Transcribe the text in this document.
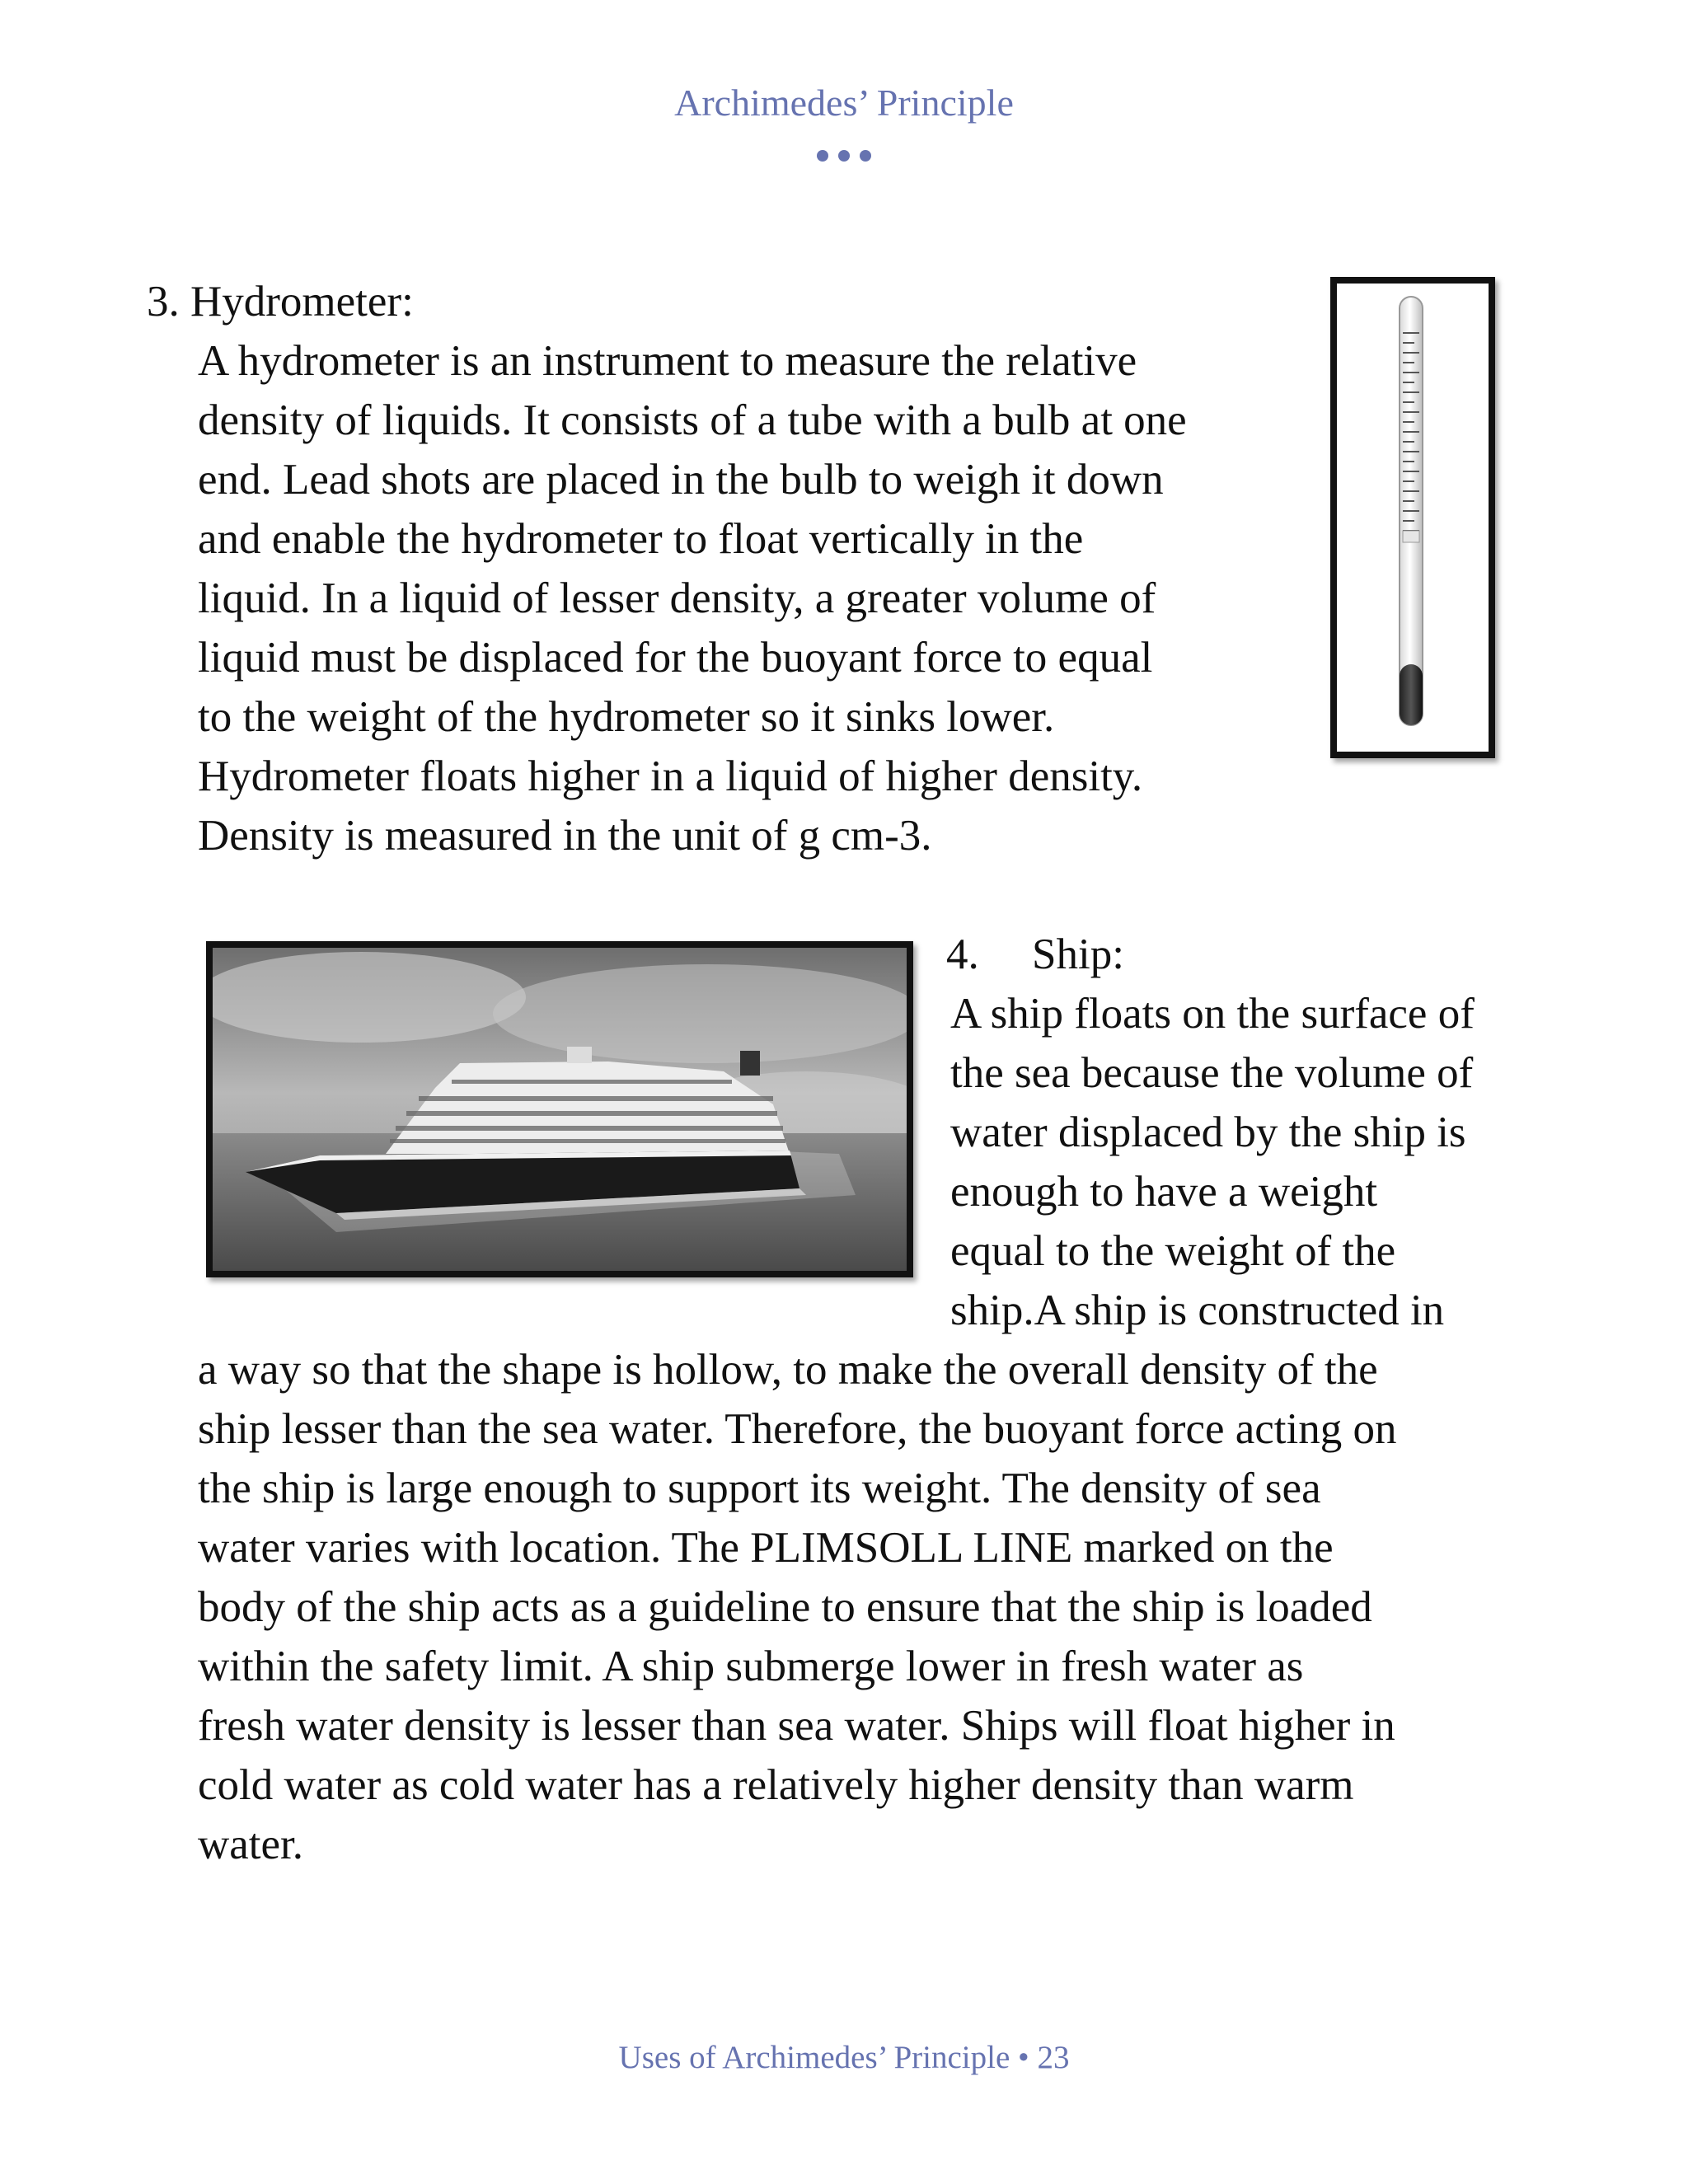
Archimedes’ Principle
3. Hydrometer:
A hydrometer is an instrument to measure the relative
density of liquids. It consists of a tube with a bulb at one
end. Lead shots are placed in the bulb to weigh it down
and enable the hydrometer to float vertically in the
liquid. In a liquid of lesser density, a greater volume of
liquid must be displaced for the buoyant force to equal
to the weight of the hydrometer so it sinks lower.
Hydrometer floats higher in a liquid of higher density.
Density is measured in the unit of g cm-3.
4. Ship:
A ship floats on the surface of
the sea because the volume of
water displaced by the ship is
enough to have a weight
equal to the weight of the
ship.A ship is constructed in
a way so that the shape is hollow, to make the overall density of the
ship lesser than the sea water. Therefore, the buoyant force acting on
the ship is large enough to support its weight. The density of sea
water varies with location. The PLIMSOLL LINE marked on the
body of the ship acts as a guideline to ensure that the ship is loaded
within the safety limit. A ship submerge lower in fresh water as
fresh water density is lesser than sea water. Ships will float higher in
cold water as cold water has a relatively higher density than warm
water.
Uses of Archimedes’ Principle • 23
